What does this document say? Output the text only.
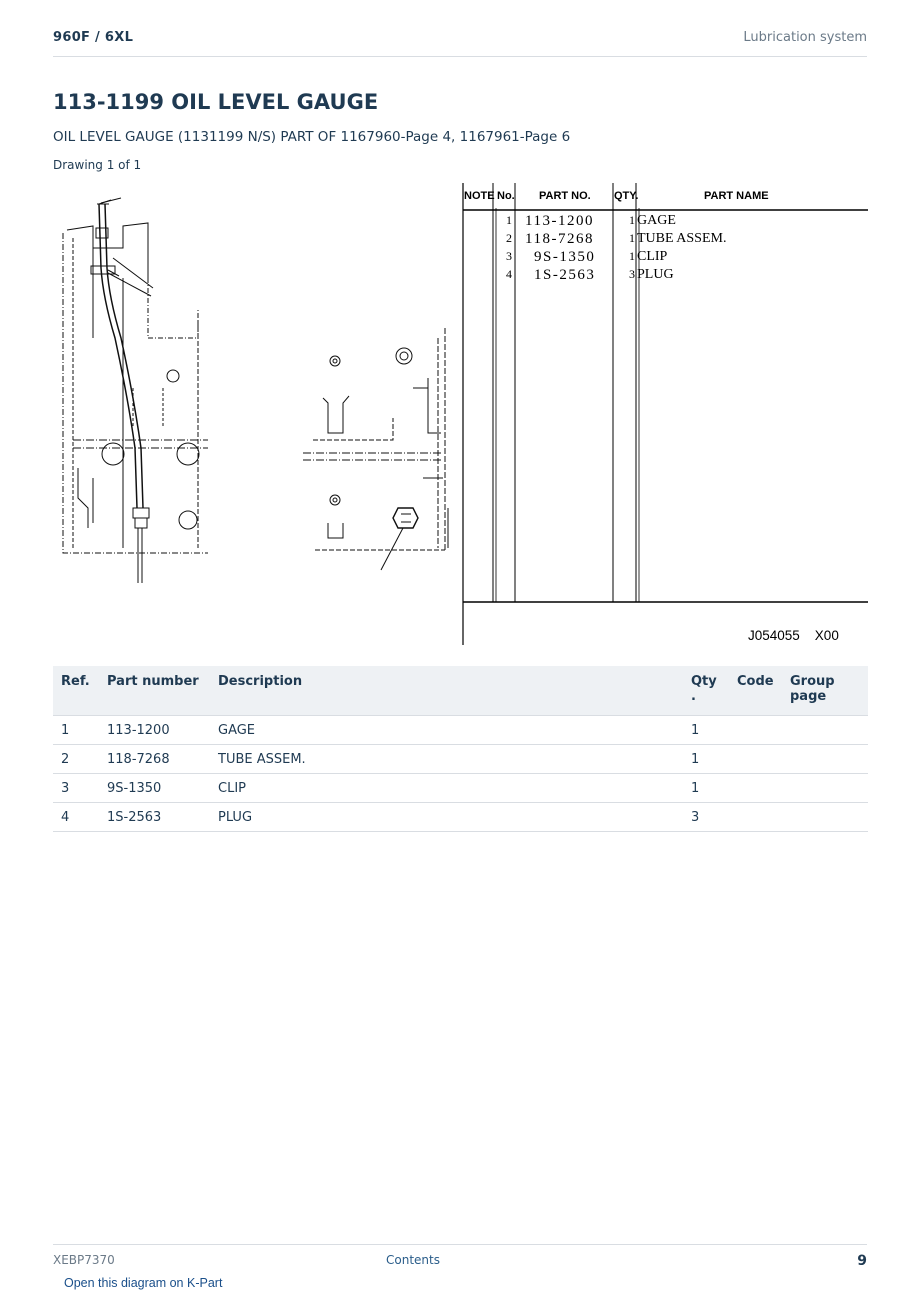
960F / 6XL	Lubrication system
113-1199 OIL LEVEL GAUGE
OIL LEVEL GAUGE (1131199 N/S) PART OF 1167960-Page 4, 1167961-Page 6
Drawing 1 of 1
NOTE No. PART NO. QTY.	PART NAME
1 113-1200	1 GAGE
2 118-7268	1 TUBE ASSEM.
3 9S-1350	1 CLIP
4 1S-2563	3 PLUG
J054055    X00
Ref.	Part number	Description	Qty .	Code	Group page
1	113-1200	GAGE	1		
2	118-7268	TUBE ASSEM.	1		
3	9S-1350	CLIP	1		
4	1S-2563	PLUG	3		
XEBP7370	Contents	9
Open this diagram on K-Part
